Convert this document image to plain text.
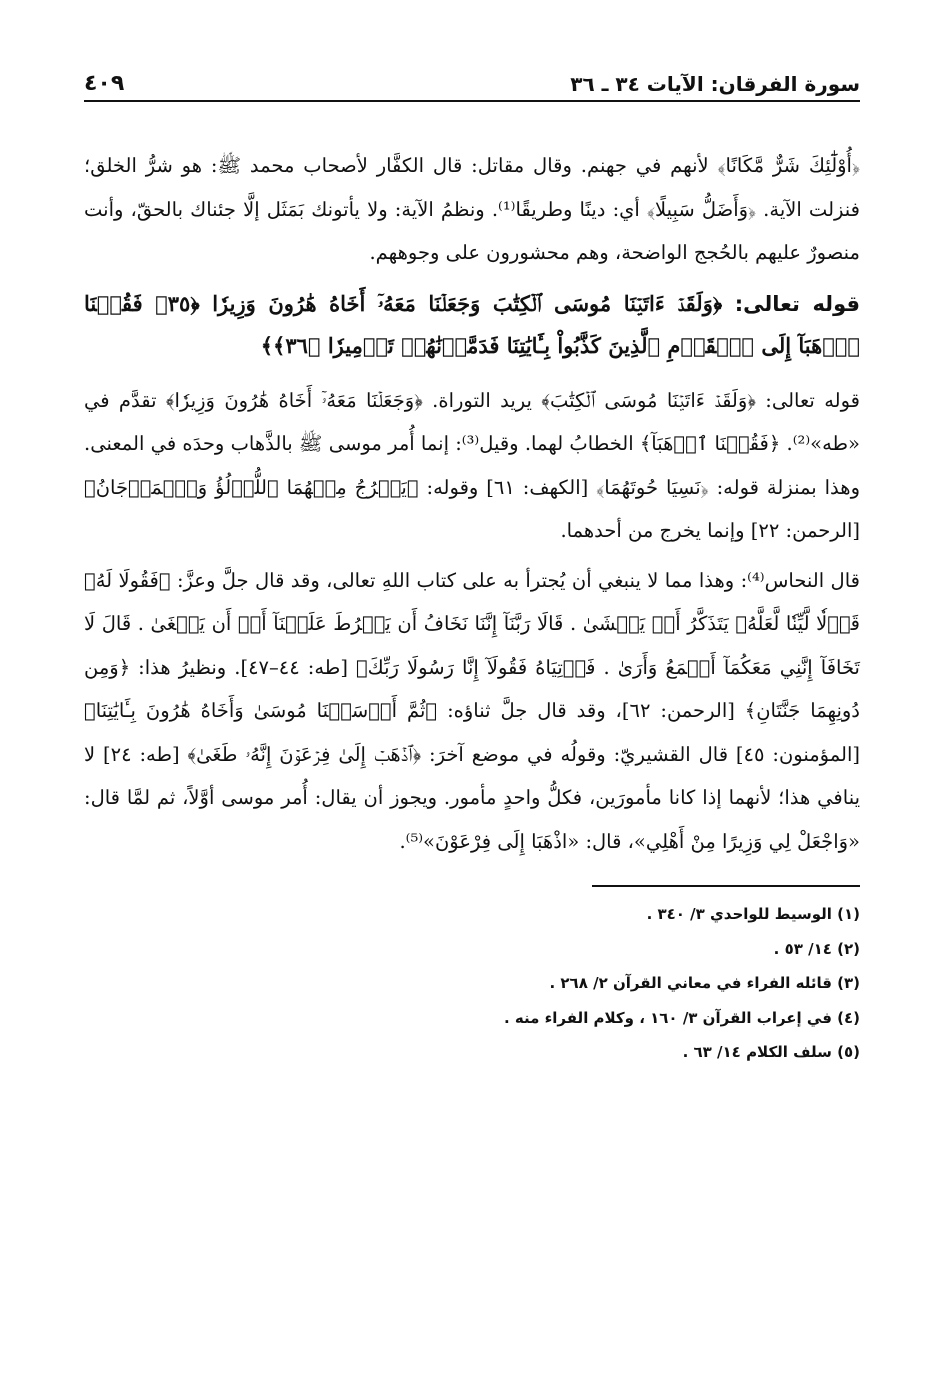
سورة الفرقان: الآيات ٣٤ ـ ٣٦
٤٠٩

﴿أُوْلَٰٓئِكَ شَرٌّ مَّكَانًا﴾ لأنهم في جهنم. وقال مقاتل: قال الكفَّار لأصحاب محمد ﷺ: هو شرُّ الخلق؛ فنزلت الآية. ﴿وَأَضَلُّ سَبِيلًا﴾ أي: دينًا وطريقًا⁽¹⁾. ونظمُ الآية: ولا يأتونك بَمَثَل إلَّا جئناك بالحقّ، وأنت منصورٌ عليهم بالحُجج الواضحة، وهم محشورون على وجوههم.

قوله تعالى: ﴿وَلَقَدۡ ءَاتَيۡنَا مُوسَى ٱلۡكِتَٰبَ وَجَعَلۡنَا مَعَهُۥٓ أَخَاهُ هَٰرُونَ وَزِيرٗا ﴿٣٥﴾ فَقُلۡنَا ٱذۡهَبَآ إِلَى ٱلۡقَوۡمِ ٱلَّذِينَ كَذَّبُواْ بِـَٔايَٰتِنَا فَدَمَّرۡنَٰهُمۡ تَدۡمِيرٗا ﴿٣٦﴾﴾

قوله تعالى: ﴿وَلَقَدۡ ءَاتَيۡنَا مُوسَى ٱلۡكِتَٰبَ﴾ يريد التوراة. ﴿وَجَعَلۡنَا مَعَهُۥٓ أَخَاهُ هَٰرُونَ وَزِيرٗا﴾ تقدَّم في «طه»⁽²⁾. ﴿فَقُلۡنَا ٱذۡهَبَآ﴾ الخطابُ لهما. وقيل⁽³⁾: إنما أُمر موسى ﷺ بالذَّهاب وحدَه في المعنى. وهذا بمنزلة قوله: ﴿نَسِيَا حُوتَهُمَا﴾ [الكهف: ٦١] وقوله: ﴿يَخۡرُجُ مِنۡهُمَا ٱللُّؤۡلُؤُ وَٱلۡمَرۡجَانُ﴾ [الرحمن: ٢٢] وإنما يخرج من أحدهما.

قال النحاس⁽⁴⁾: وهذا مما لا ينبغي أن يُجترأ به على كتاب اللهِ تعالى، وقد قال جلَّ وعزَّ: ﴿فَقُولَا لَهُۥ قَوۡلٗا لَّيِّنٗا لَّعَلَّهُۥ يَتَذَكَّرُ أَوۡ يَخۡشَىٰ . قَالَا رَبَّنَآ إِنَّنَا نَخَافُ أَن يَفۡرُطَ عَلَيۡنَآ أَوۡ أَن يَطۡغَىٰ . قَالَ لَا تَخَافَآ إِنَّنِي مَعَكُمَآ أَسۡمَعُ وَأَرَىٰ . فَأۡتِيَاهُ فَقُولَآ إِنَّا رَسُولَا رَبِّكَ﴾ [طه: ٤٤–٤٧]. ونظيرُ هذا: ﴿وَمِن دُونِهِمَا جَنَّتَانِ﴾ [الرحمن: ٦٢]، وقد قال جلَّ ثناؤه: ﴿ثُمَّ أَرۡسَلۡنَا مُوسَىٰ وَأَخَاهُ هَٰرُونَ بِـَٔايَٰتِنَا﴾ [المؤمنون: ٤٥] قال القشيريّ: وقولُه في موضع آخرَ: ﴿ٱذۡهَبۡ إِلَىٰ فِرۡعَوۡنَ إِنَّهُۥ طَغَىٰ﴾ [طه: ٢٤] لا ينافي هذا؛ لأنهما إذا كانا مأمورَين، فكلُّ واحدٍ مأمور. ويجوز أن يقال: أُمر موسى أوَّلاً، ثم لمَّا قال: «وَاجْعَلْ لِي وَزِيرًا مِنْ أَهْلِي»، قال: «اذْهَبَا إِلَى فِرْعَوْنَ»⁽⁵⁾.

(١) الوسيط للواحدي ٣/ ٣٤٠ .

(٢) ١٤/ ٥٣ .

(٣) قائله الفراء في معاني القرآن ٢/ ٢٦٨ .

(٤) في إعراب القرآن ٣/ ١٦٠ ، وكلام الفراء منه .

(٥) سلف الكلام ١٤/ ٦٣ .
